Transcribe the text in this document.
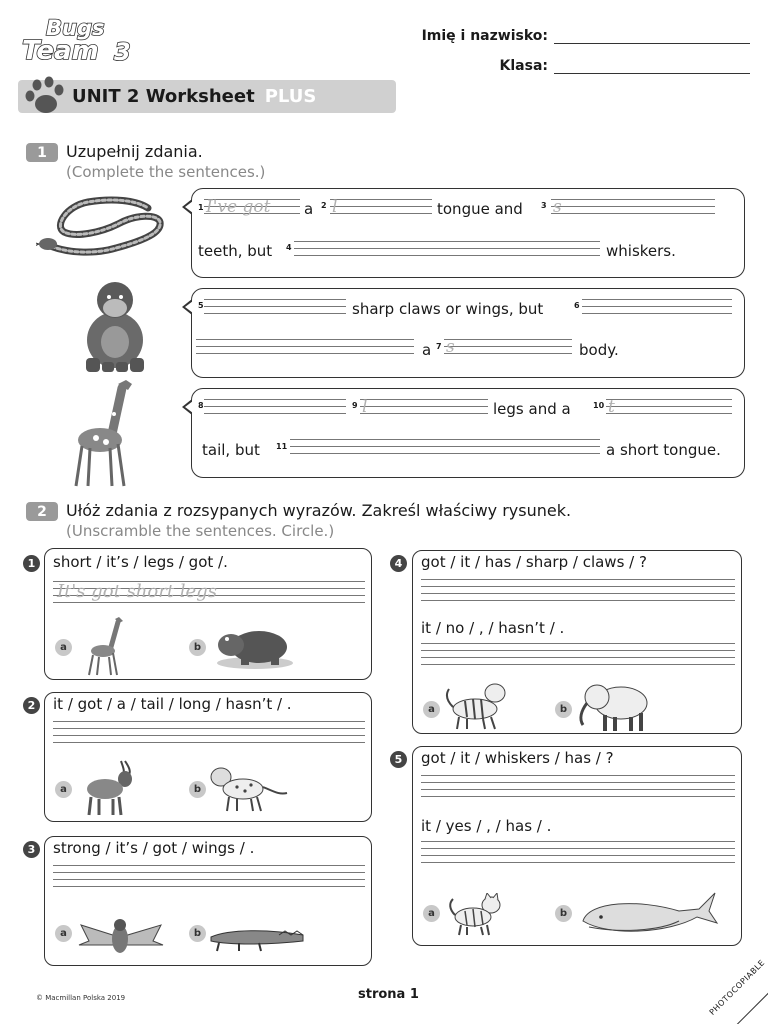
Bugs
Team 3
Imię i nazwisko:
Klasa:
UNIT 2 Worksheet PLUS
1	Uzupełnij zdania.
(Complete the sentences.)
1 I've got a 2 l	tongue and 3 s
teeth, but 4	whiskers.
5	sharp claws or wings, but	6
a 7 s	body.
8	9 l	legs and a	10 t
tail, but 11	a short tongue.
2	Ułóż zdania z rozsypanych wyrazów. Zakreśl właściwy rysunek.
(Unscramble the sentences. Circle.)
1	short / it’s / legs / got /.
It's got short legs
a	b
2	it / got / a / tail / long / hasn’t / .
a	b
3	strong / it’s / got / wings / .
a	b
4	got / it / has / sharp / claws / ?
it / no / , / hasn’t / .
a	b
5	got / it / whiskers / has / ?
it / yes / , / has / .
a	b
© Macmillan Polska 2019	strona 1	PHOTOCOPIABLE
